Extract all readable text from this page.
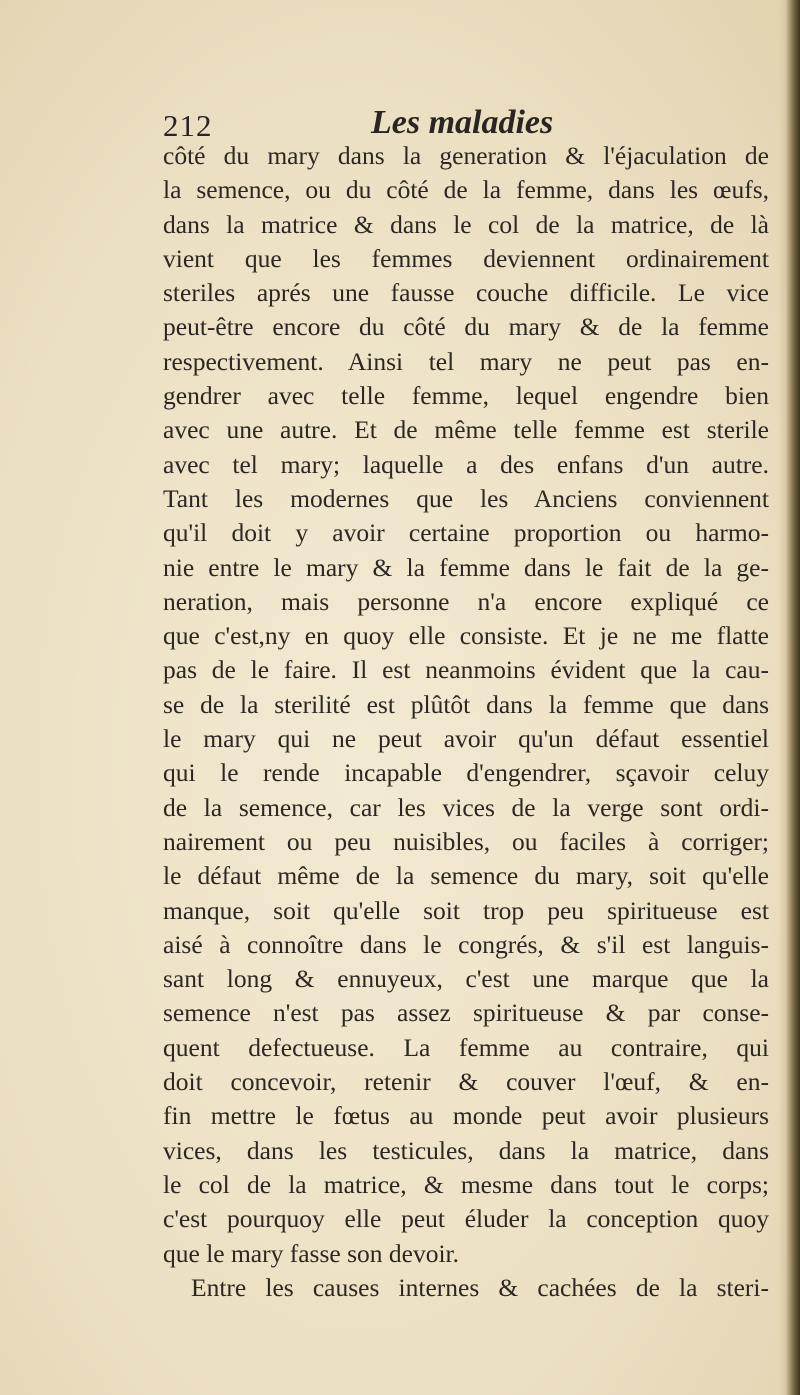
212	Les maladies
côté du mary dans la generation & l'éjaculation de
la semence, ou du côté de la femme, dans les œufs,
dans la matrice & dans le col de la matrice, de là
vient que les femmes deviennent ordinairement
steriles aprés une fausse couche difficile. Le vice
peut-être encore du côté du mary & de la femme
respectivement. Ainsi tel mary ne peut pas en-
gendrer avec telle femme, lequel engendre bien
avec une autre. Et de même telle femme est sterile
avec tel mary; laquelle a des enfans d'un autre.
Tant les modernes que les Anciens conviennent
qu'il doit y avoir certaine proportion ou harmo-
nie entre le mary & la femme dans le fait de la ge-
neration, mais personne n'a encore expliqué ce
que c'est,ny en quoy elle consiste. Et je ne me flatte
pas de le faire. Il est neanmoins évident que la cau-
se de la sterilité est plûtôt dans la femme que dans
le mary qui ne peut avoir qu'un défaut essentiel
qui le rende incapable d'engendrer, sçavoir celuy
de la semence, car les vices de la verge sont ordi-
nairement ou peu nuisibles, ou faciles à corriger;
le défaut même de la semence du mary, soit qu'elle
manque, soit qu'elle soit trop peu spiritueuse est
aisé à connoître dans le congrés, & s'il est languis-
sant long & ennuyeux, c'est une marque que la
semence n'est pas assez spiritueuse & par conse-
quent defectueuse. La femme au contraire, qui
doit concevoir, retenir & couver l'œuf, & en-
fin mettre le fœtus au monde peut avoir plusieurs
vices, dans les testicules, dans la matrice, dans
le col de la matrice, & mesme dans tout le corps;
c'est pourquoy elle peut éluder la conception quoy
que le mary fasse son devoir.
Entre les causes internes & cachées de la steri-
